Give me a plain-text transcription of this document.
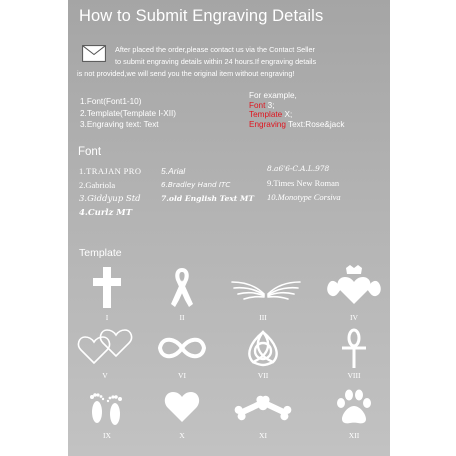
How to Submit Engraving Details
After placed the order,please contact us via the Contact Seller
to submit engraving details within 24 hours.If engraving details
is not provided,we will send you the original item without engraving!
1.Font(Font1-10)
2.Template(Template I-XII)
3.Engraving text: Text
For example,
Font 3;
Template X;
Engraving Text:Rose&jack
Font
1.TRAJAN PRO
2.Gabriola
3.Giddyup Std
4.Curlz MT
5.Arial
6.Bradley Hand ITC
7.old English Text MT
8.a6'6-C.A.L.978
9.Times New Roman
10.Monotype Corsiva
Template
I	II	III	IV
V	VI	VII	VIII
IX	X	XI	XII
